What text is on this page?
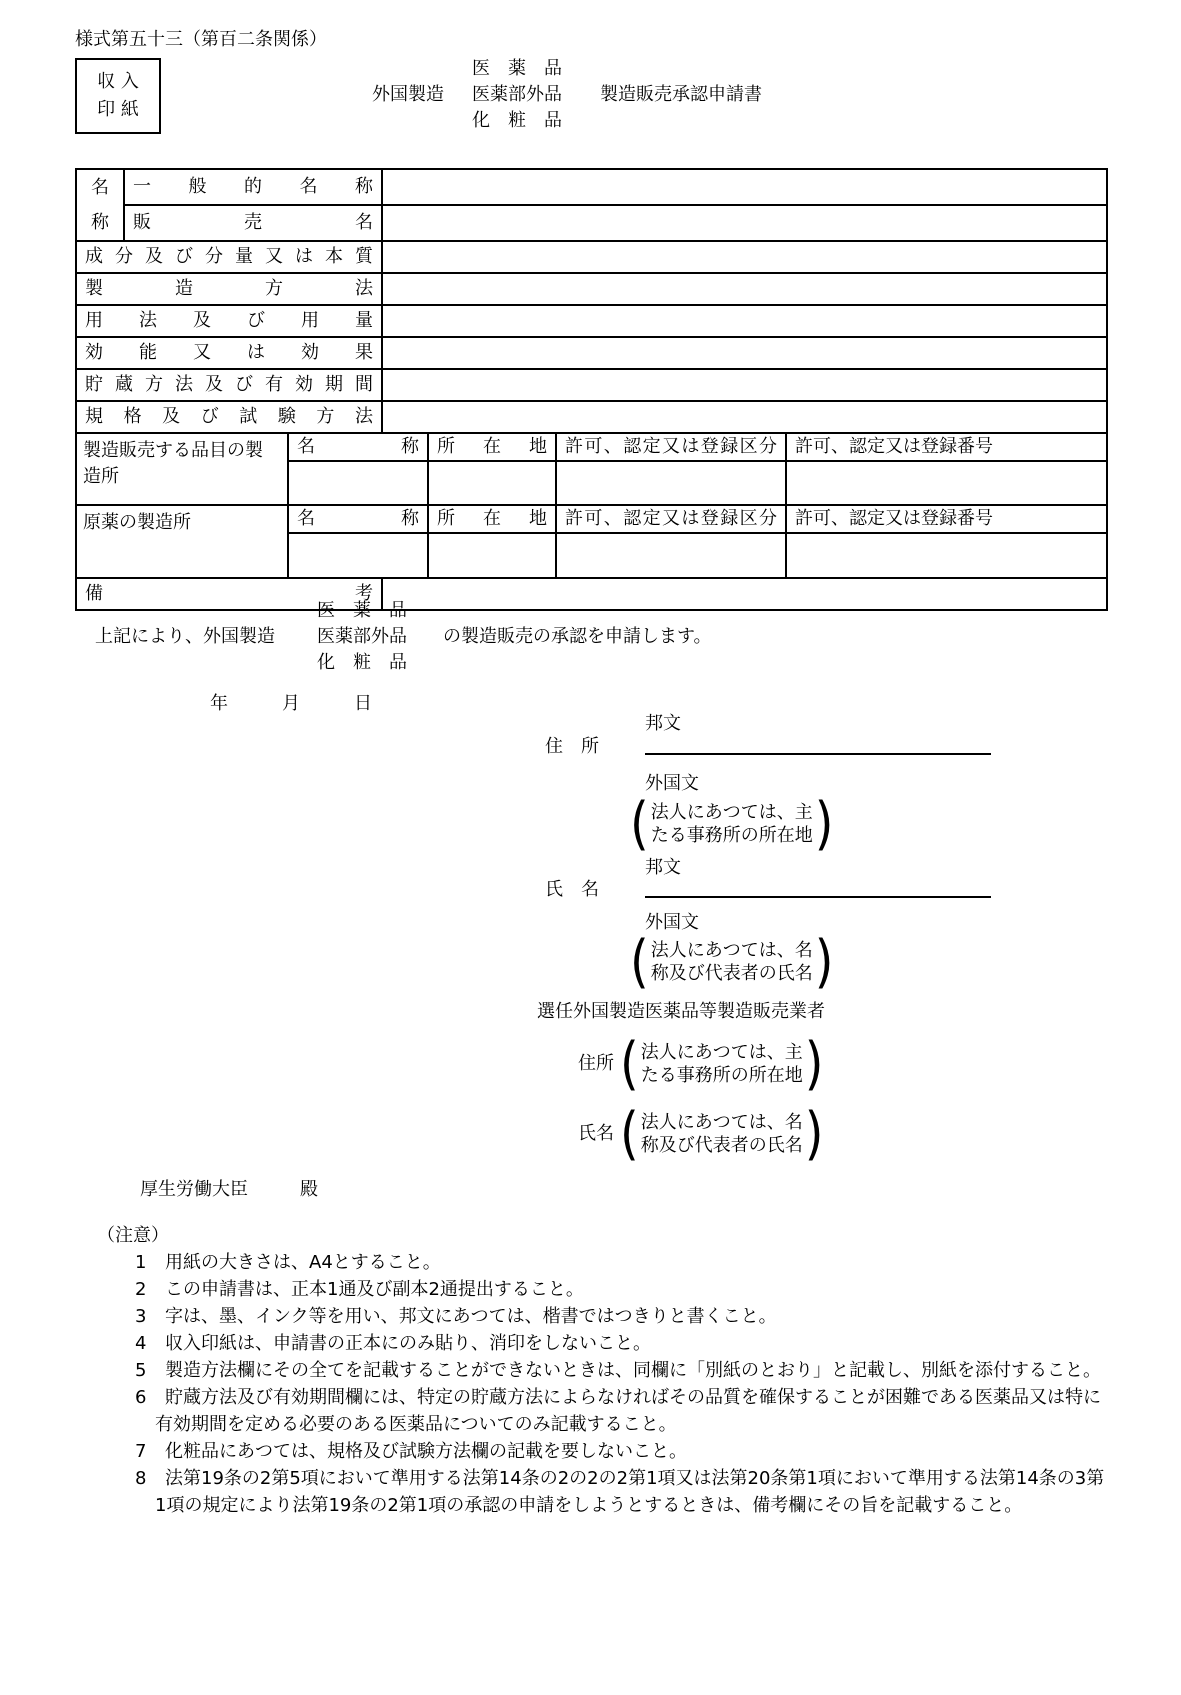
様式第五十三（第百二条関係）
収 入
印 紙
外国製造
医薬品
医薬部外品
化粧品
製造販売承認申請書
名称	一般的名称	
	販売名	
成分及び分量又は本質		
製造方法		
用法及び用量		
効能又は効果		
貯蔵方法及び有効期間		
規格及び試験方法		
製造販売する品目の製造所	名称	所在地	許可、認定又は登録区分	許可、認定又は登録番号

原薬の製造所	名称	所在地	許可、認定又は登録区分	許可、認定又は登録番号

備考	
上記により、外国製造
医薬品
医薬部外品
化粧品
の製造販売の承認を申請します。
年　　　月　　　日
住　所
邦文
外国文
( 法人にあつては、主
たる事務所の所在地 )
邦文
氏　名
外国文
( 法人にあつては、名
称及び代表者の氏名 )
選任外国製造医薬品等製造販売業者
住所 ( 法人にあつては、主
たる事務所の所在地 )
氏名 ( 法人にあつては、名
称及び代表者の氏名 )
厚生労働大臣	殿
（注意）
1 用紙の大きさは、A4とすること。
2 この申請書は、正本1通及び副本2通提出すること。
3 字は、墨、インク等を用い、邦文にあつては、楷書ではつきりと書くこと。
4 収入印紙は、申請書の正本にのみ貼り、消印をしないこと。
5 製造方法欄にその全てを記載することができないときは、同欄に「別紙のとおり」と記載し、別紙を添付すること。
6 貯蔵方法及び有効期間欄には、特定の貯蔵方法によらなければその品質を確保することが困難である医薬品又は特に有効期間を定める必要のある医薬品についてのみ記載すること。
7 化粧品にあつては、規格及び試験方法欄の記載を要しないこと。
8 法第19条の2第5項において準用する法第14条の2の2の2第1項又は法第20条第1項において準用する法第14条の3第1項の規定により法第19条の2第1項の承認の申請をしようとするときは、備考欄にその旨を記載すること。
